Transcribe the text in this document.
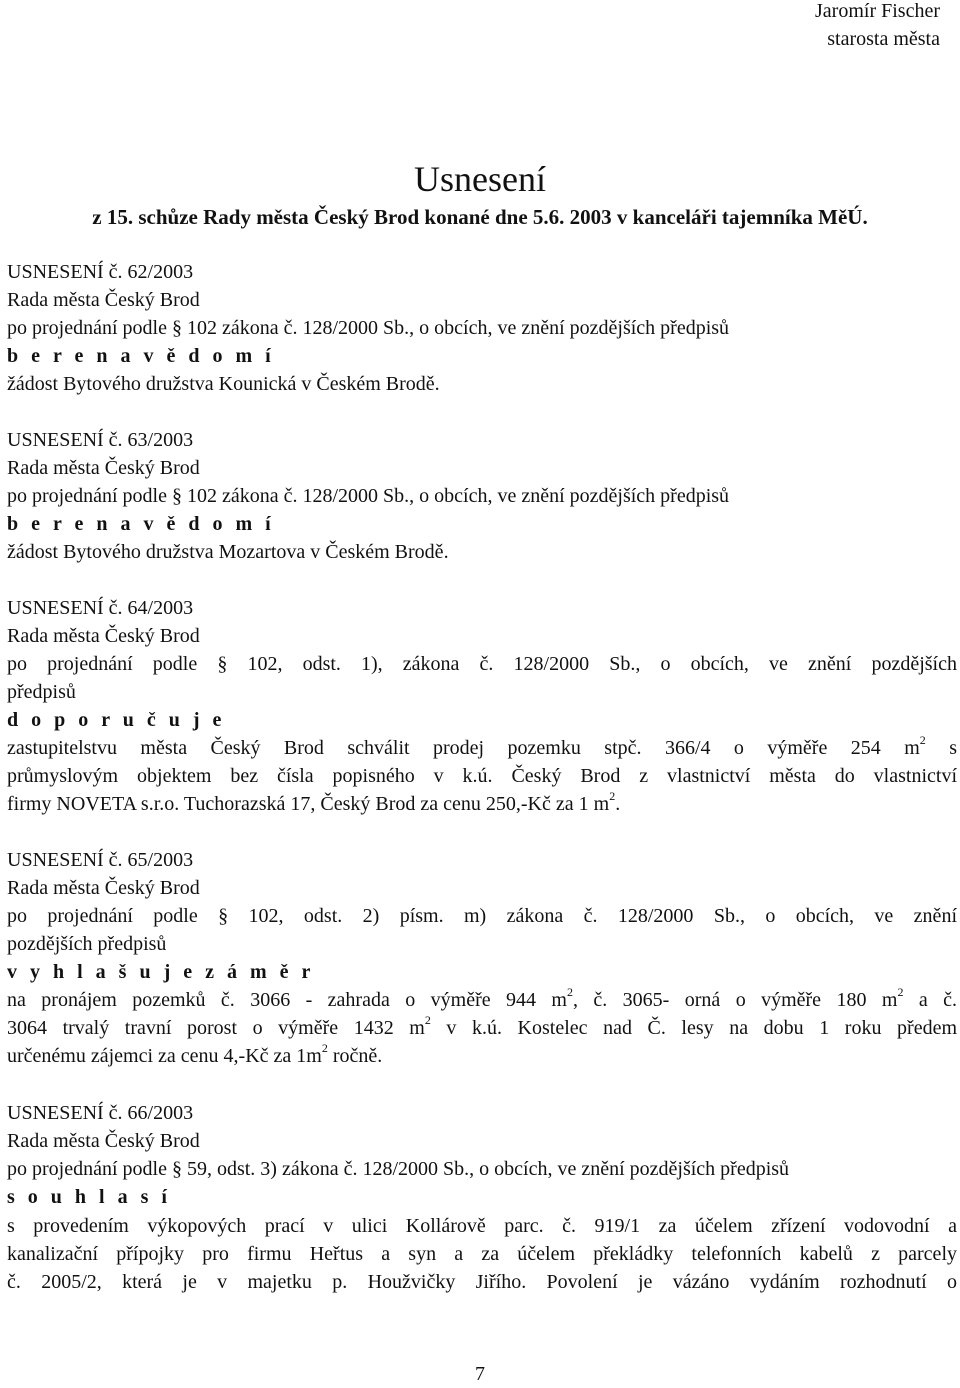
Jaromír Fischer
starosta města
Usnesení
z 15. schůze Rady města Český Brod konané dne 5.6. 2003 v kanceláři tajemníka MěÚ.
USNESENÍ č. 62/2003
Rada města Český Brod
po projednání podle § 102 zákona č. 128/2000 Sb., o obcích, ve znění pozdějších předpisů
b e r e n a v ě d o m í
žádost Bytového družstva Kounická v Českém Brodě.
USNESENÍ č. 63/2003
Rada města Český Brod
po projednání podle § 102 zákona č. 128/2000 Sb., o obcích, ve znění pozdějších předpisů
b e r e n a v ě d o m í
žádost Bytového družstva Mozartova v Českém Brodě.
USNESENÍ č. 64/2003
Rada města Český Brod
po projednání podle § 102, odst. 1), zákona č. 128/2000 Sb., o obcích, ve znění pozdějších
předpisů
d o p o r u č u j e
zastupitelstvu města Český Brod schválit prodej pozemku stpč. 366/4 o výměře 254 $m^2$ s
průmyslovým objektem bez čísla popisného v k.ú. Český Brod z vlastnictví města do vlastnictví
firmy NOVETA s.r.o. Tuchorazská 17, Český Brod za cenu 250,-Kč za 1 $m^2$.
USNESENÍ č. 65/2003
Rada města Český Brod
po projednání podle § 102, odst. 2) písm. m) zákona č. 128/2000 Sb., o obcích, ve znění
pozdějších předpisů
v y h l a š u j e z á m ě r
na pronájem pozemků č. 3066 - zahrada o výměře 944 $m^2$, č. 3065- orná o výměře 180 $m^2$ a č.
3064 trvalý travní porost o výměře 1432 $m^2$ v k.ú. Kostelec nad Č. lesy na dobu 1 roku předem
určenému zájemci za cenu 4,-Kč za $1m^2$ ročně.
USNESENÍ č. 66/2003
Rada města Český Brod
po projednání podle § 59, odst. 3) zákona č. 128/2000 Sb., o obcích, ve znění pozdějších předpisů
s o u h l a s í
s provedením výkopových prací v ulici Kollárově parc. č. 919/1 za účelem zřízení vodovodní a
kanalizační přípojky pro firmu Heřtus a syn a za účelem překládky telefonních kabelů z parcely
č. 2005/2, která je v majetku p. Houžvičky Jiřího. Povolení je vázáno vydáním rozhodnutí o
7
